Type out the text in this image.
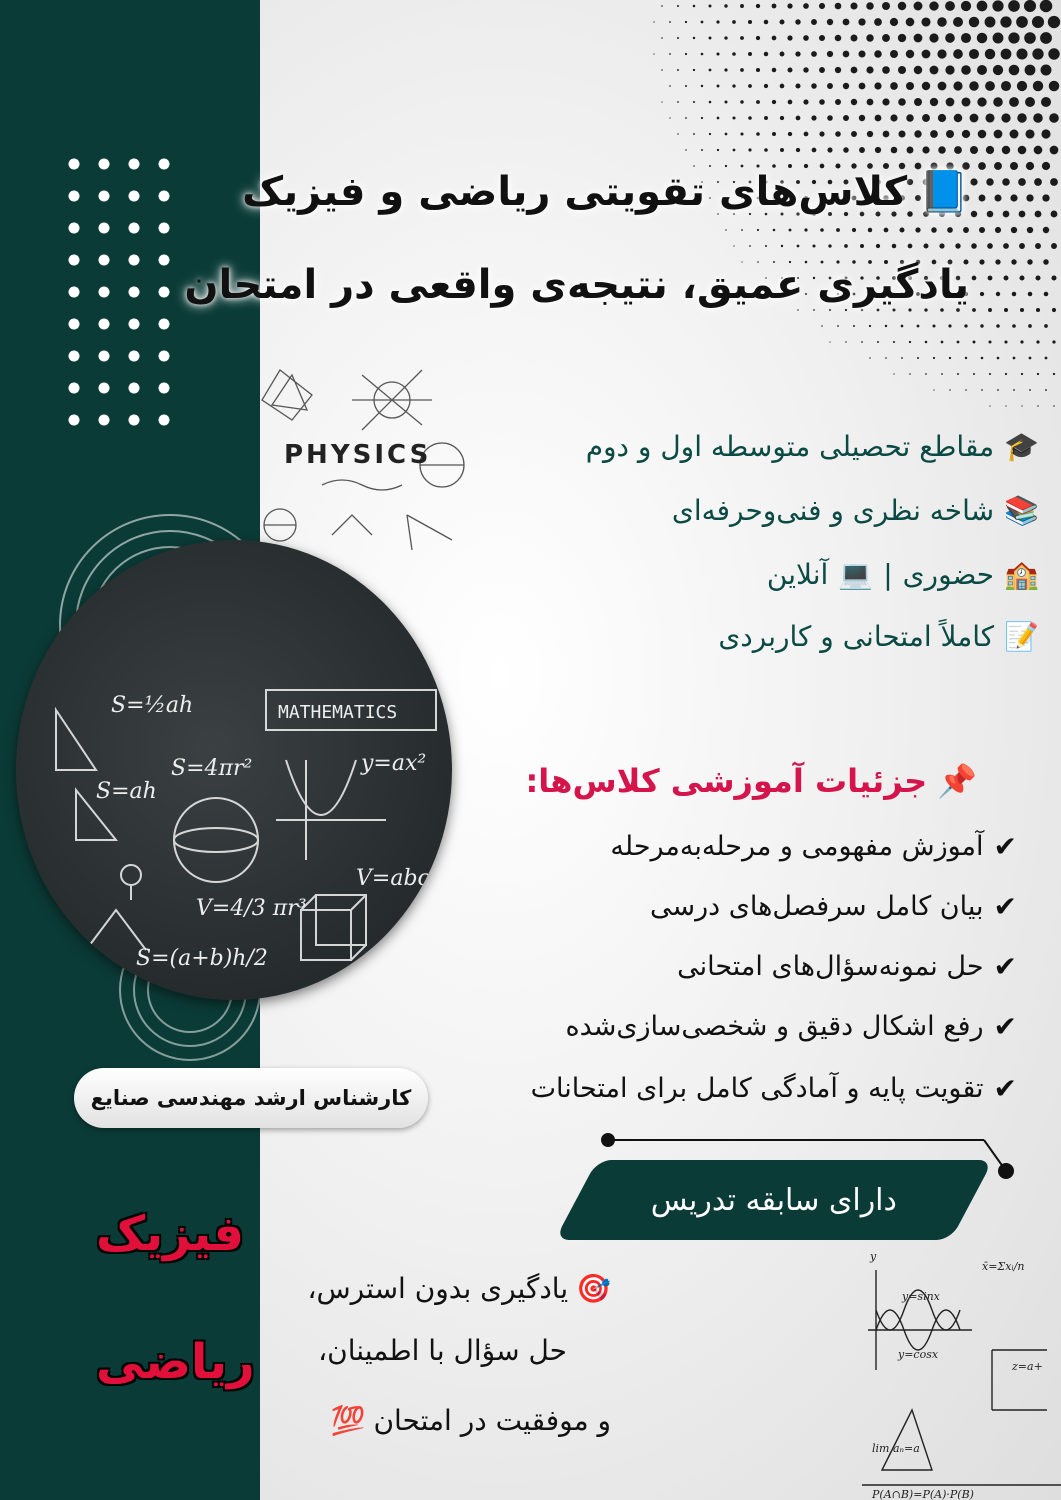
PHYSICS
S=½ah
S=4πr²
S=ah
y=ax²
V=abc
V=4/3 πr³
S=(a+b)h/2
MATHEMATICS
📘
کلاس‌های تقویتی ریاضی و فیزیک
یادگیری عمیق، نتیجه‌ی واقعی در امتحان
🎓
مقاطع تحصیلی متوسطه اول و دوم
📚
شاخه نظری و فنی‌وحرفه‌ای
🏫
حضوری
|
💻
آنلاین
📝
کاملاً امتحانی و کاربردی
📌
جزئیات آموزشی کلاس‌ها:
✔
آموزش مفهومی و مرحله‌به‌مرحله
✔
بیان کامل سرفصل‌های درسی
✔
حل نمونه‌سؤال‌های امتحانی
✔
رفع اشکال دقیق و شخصی‌سازی‌شده
✔
تقویت پایه و آمادگی کامل برای امتحانات
دارای سابقه تدریس
کارشناس ارشد مهندسی صنایع
فیزیک
ریاضی
🎯
یادگیری بدون استرس،
حل سؤال با اطمینان،
و موفقیت در امتحان
💯
y
y=sinx
y=cosx
x̄=Σxᵢ/n
z=a+
lim aₙ=a
P(A∩B)=P(A)·P(B)
